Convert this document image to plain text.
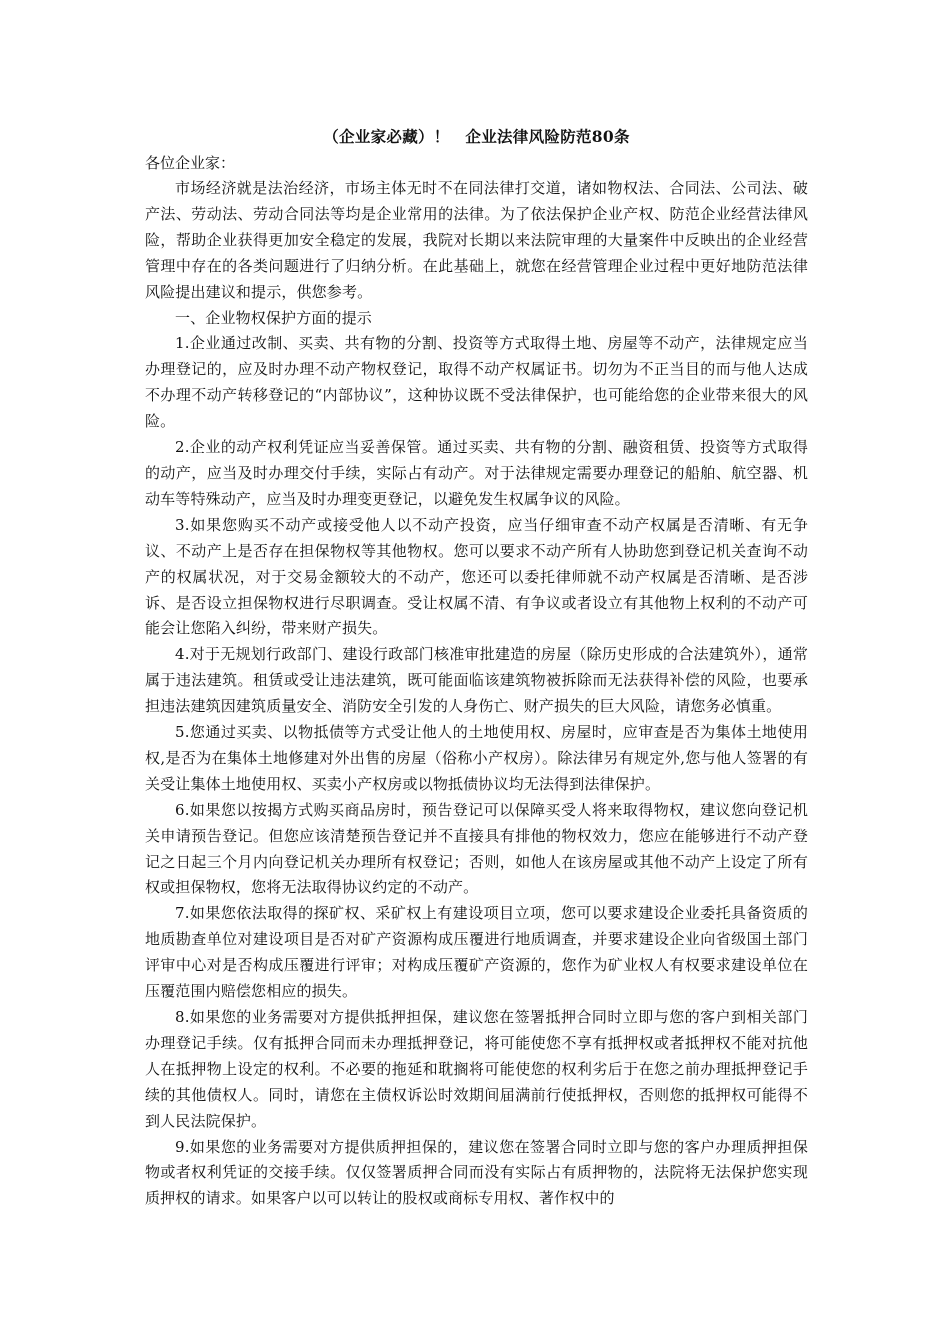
（企业家必藏）！　企业法律风险防范80条

各位企业家：

市场经济就是法治经济，市场主体无时不在同法律打交道，诸如物权法、合同法、公司法、破产法、劳动法、劳动合同法等均是企业常用的法律。为了依法保护企业产权、防范企业经营法律风险，帮助企业获得更加安全稳定的发展，我院对长期以来法院审理的大量案件中反映出的企业经营管理中存在的各类问题进行了归纳分析。在此基础上，就您在经营管理企业过程中更好地防范法律风险提出建议和提示，供您参考。

一、企业物权保护方面的提示

1.企业通过改制、买卖、共有物的分割、投资等方式取得土地、房屋等不动产，法律规定应当办理登记的，应及时办理不动产物权登记，取得不动产权属证书。切勿为不正当目的而与他人达成不办理不动产转移登记的“内部协议”，这种协议既不受法律保护，也可能给您的企业带来很大的风险。

2.企业的动产权利凭证应当妥善保管。通过买卖、共有物的分割、融资租赁、投资等方式取得的动产，应当及时办理交付手续，实际占有动产。对于法律规定需要办理登记的船舶、航空器、机动车等特殊动产，应当及时办理变更登记，以避免发生权属争议的风险。

3.如果您购买不动产或接受他人以不动产投资，应当仔细审查不动产权属是否清晰、有无争议、不动产上是否存在担保物权等其他物权。您可以要求不动产所有人协助您到登记机关查询不动产的权属状况，对于交易金额较大的不动产，您还可以委托律师就不动产权属是否清晰、是否涉诉、是否设立担保物权进行尽职调查。受让权属不清、有争议或者设立有其他物上权利的不动产可能会让您陷入纠纷，带来财产损失。

4.对于无规划行政部门、建设行政部门核准审批建造的房屋（除历史形成的合法建筑外），通常属于违法建筑。租赁或受让违法建筑，既可能面临该建筑物被拆除而无法获得补偿的风险，也要承担违法建筑因建筑质量安全、消防安全引发的人身伤亡、财产损失的巨大风险，请您务必慎重。

5.您通过买卖、以物抵债等方式受让他人的土地使用权、房屋时，应审查是否为集体土地使用权,是否为在集体土地修建对外出售的房屋（俗称小产权房）。除法律另有规定外,您与他人签署的有关受让集体土地使用权、买卖小产权房或以物抵债协议均无法得到法律保护。

6.如果您以按揭方式购买商品房时，预告登记可以保障买受人将来取得物权，建议您向登记机关申请预告登记。但您应该清楚预告登记并不直接具有排他的物权效力，您应在能够进行不动产登记之日起三个月内向登记机关办理所有权登记；否则，如他人在该房屋或其他不动产上设定了所有权或担保物权，您将无法取得协议约定的不动产。

7.如果您依法取得的探矿权、采矿权上有建设项目立项，您可以要求建设企业委托具备资质的地质勘查单位对建设项目是否对矿产资源构成压覆进行地质调查，并要求建设企业向省级国土部门评审中心对是否构成压覆进行评审；对构成压覆矿产资源的，您作为矿业权人有权要求建设单位在压覆范围内赔偿您相应的损失。

8.如果您的业务需要对方提供抵押担保，建议您在签署抵押合同时立即与您的客户到相关部门办理登记手续。仅有抵押合同而未办理抵押登记，将可能使您不享有抵押权或者抵押权不能对抗他人在抵押物上设定的权利。不必要的拖延和耽搁将可能使您的权利劣后于在您之前办理抵押登记手续的其他债权人。同时，请您在主债权诉讼时效期间届满前行使抵押权，否则您的抵押权可能得不到人民法院保护。

9.如果您的业务需要对方提供质押担保的，建议您在签署合同时立即与您的客户办理质押担保物或者权利凭证的交接手续。仅仅签署质押合同而没有实际占有质押物的，法院将无法保护您实现质押权的请求。如果客户以可以转让的股权或商标专用权、著作权中的
